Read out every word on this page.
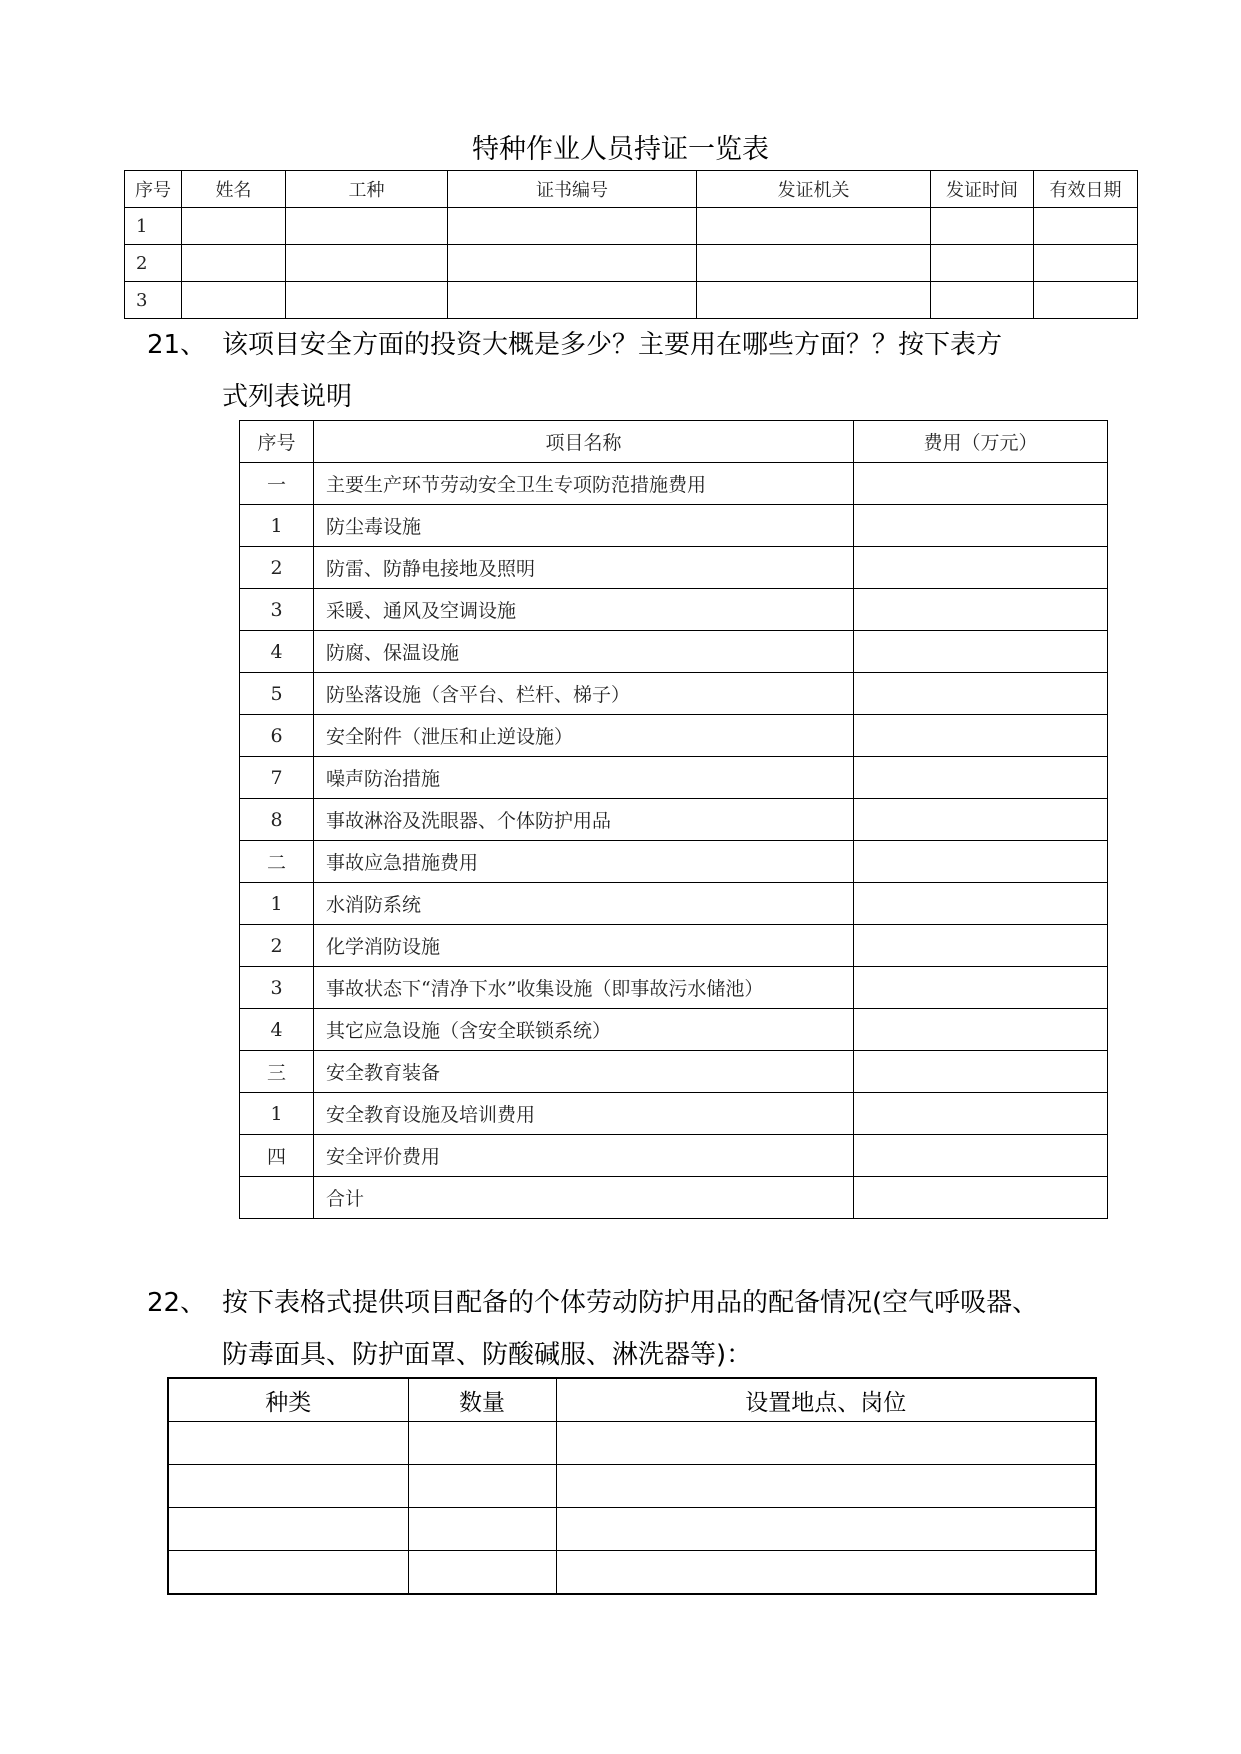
特种作业人员持证一览表
序号	姓名	工种	证书编号	发证机关	发证时间	有效日期
1						
2						
3						
21、 该项目安全方面的投资大概是多少？主要用在哪些方面？？按下表方
式列表说明
序号	项目名称	费用（万元）
一	主要生产环节劳动安全卫生专项防范措施费用	
1	防尘毒设施	
2	防雷、防静电接地及照明	
3	采暖、通风及空调设施	
4	防腐、保温设施	
5	防坠落设施（含平台、栏杆、梯子）	
6	安全附件（泄压和止逆设施）	
7	噪声防治措施	
8	事故淋浴及洗眼器、个体防护用品	
二	事故应急措施费用	
1	水消防系统	
2	化学消防设施	
3	事故状态下“清净下水”收集设施（即事故污水储池）	
4	其它应急设施（含安全联锁系统）	
三	安全教育装备	
1	安全教育设施及培训费用	
四	安全评价费用	
	合计	
22、 按下表格式提供项目配备的个体劳动防护用品的配备情况(空气呼吸器、
防毒面具、防护面罩、防酸碱服、淋洗器等)：
种类	数量	设置地点、岗位
